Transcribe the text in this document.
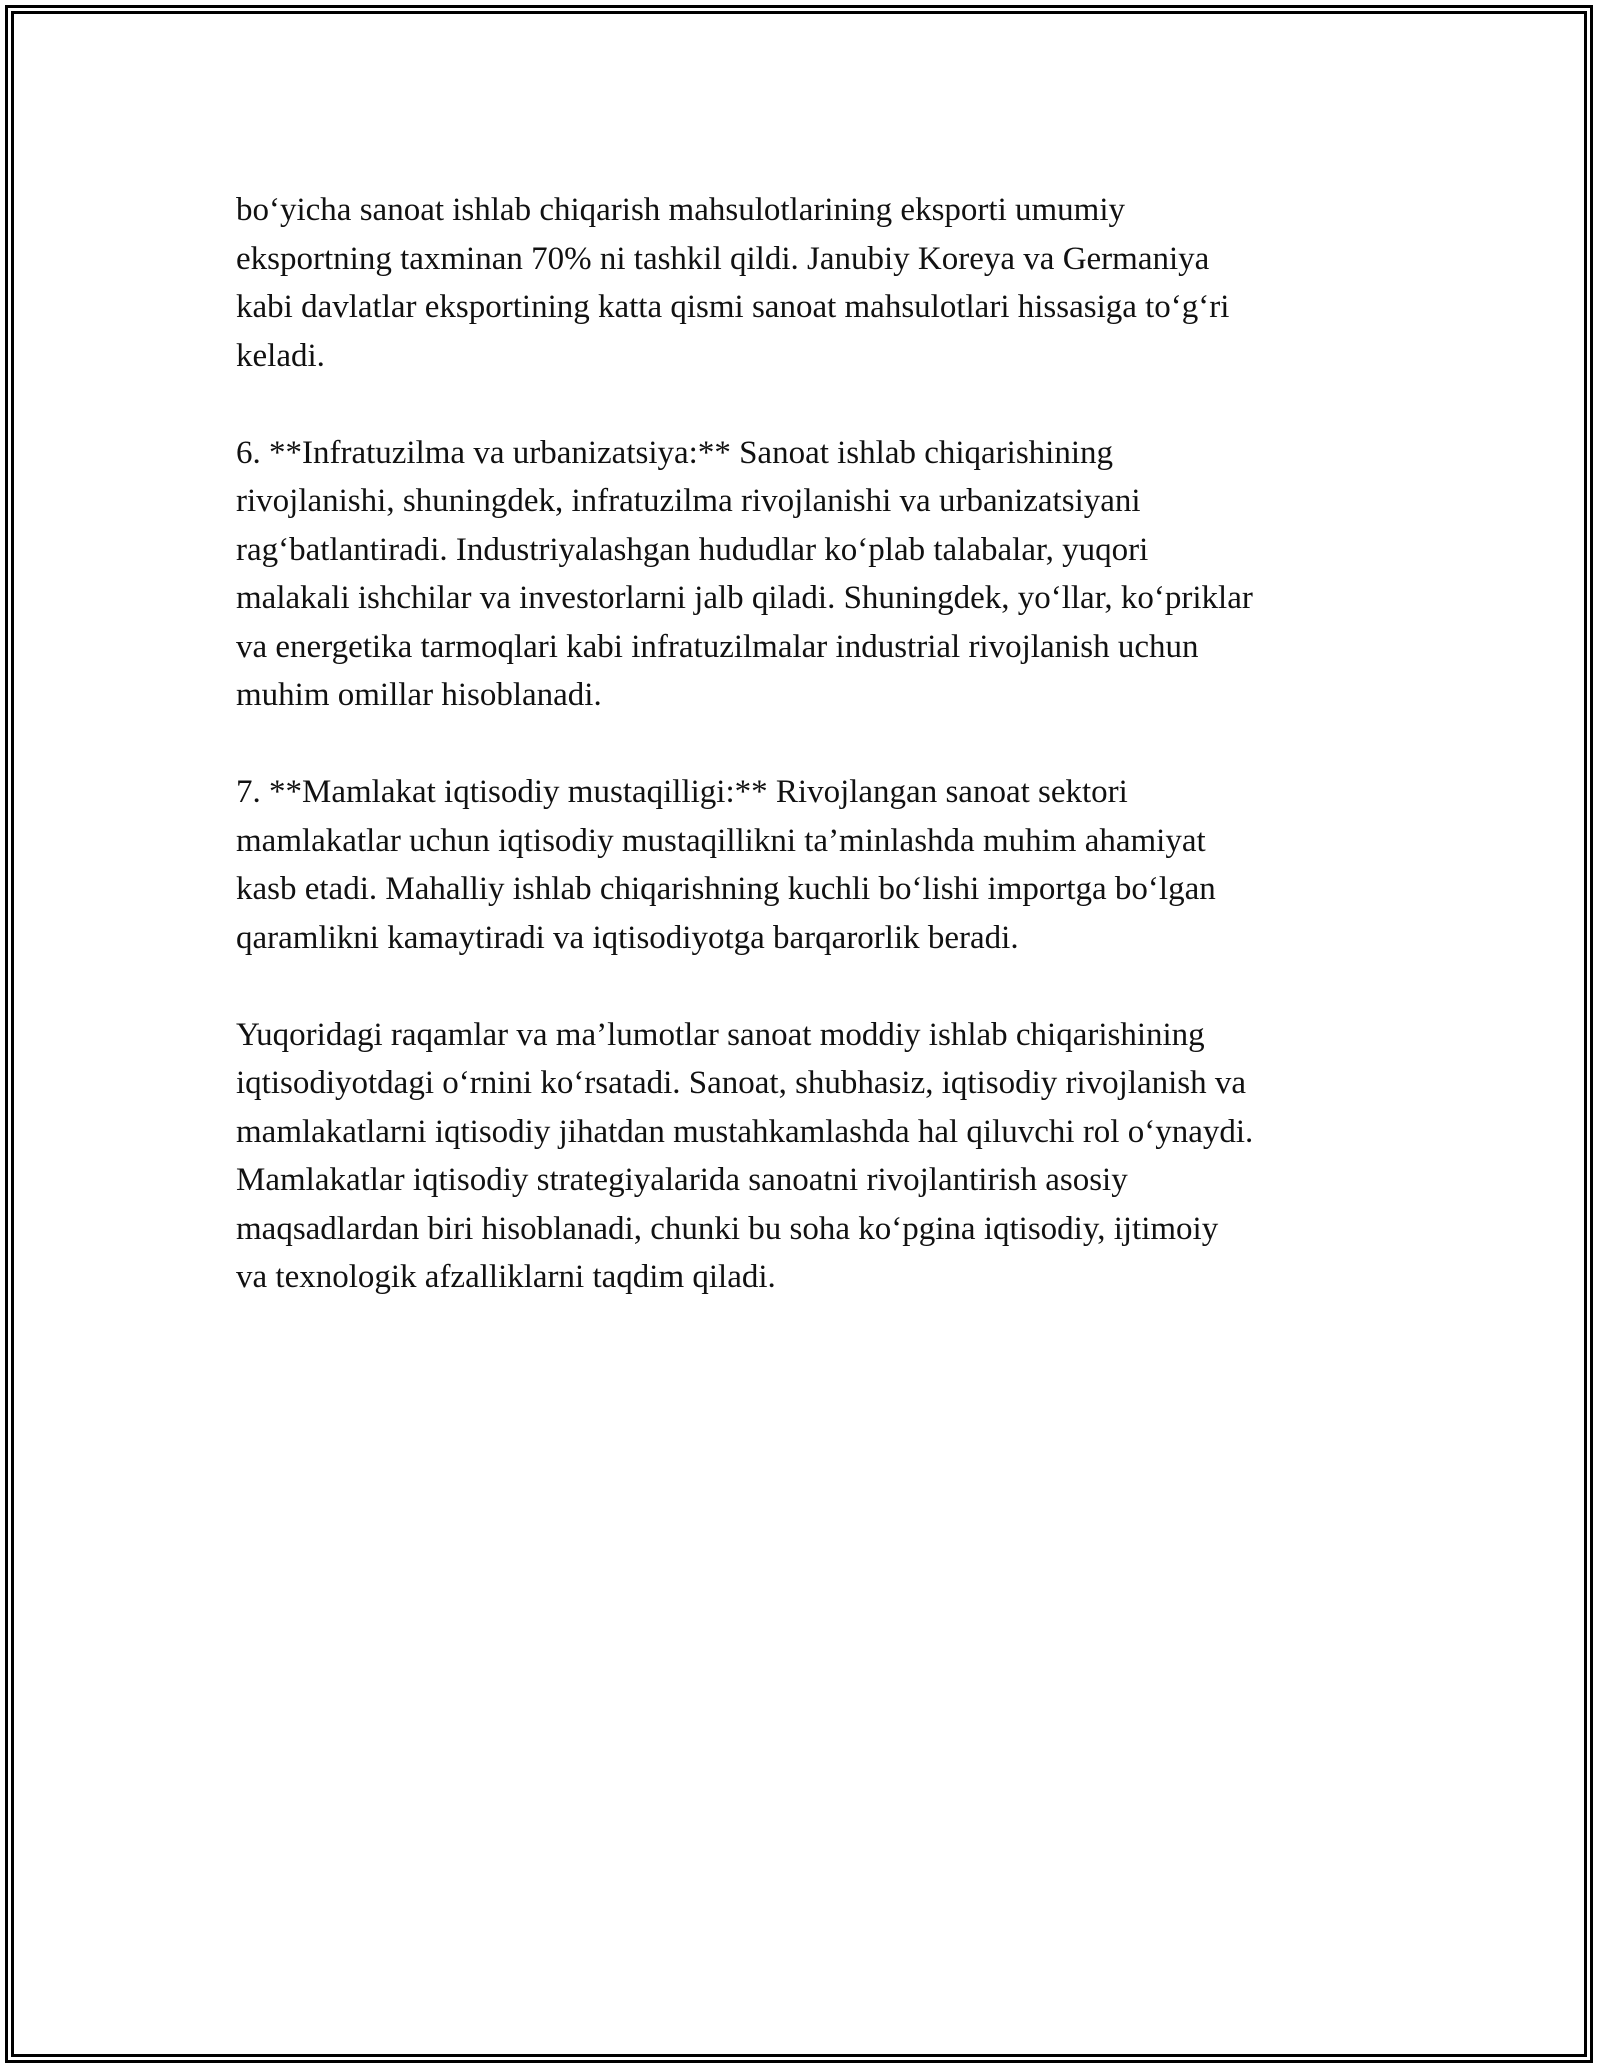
bo‘yicha sanoat ishlab chiqarish mahsulotlarining eksporti umumiy
eksportning taxminan 70% ni tashkil qildi. Janubiy Koreya va Germaniya
kabi davlatlar eksportining katta qismi sanoat mahsulotlari hissasiga to‘g‘ri
keladi.

6. **Infratuzilma va urbanizatsiya:** Sanoat ishlab chiqarishining
rivojlanishi, shuningdek, infratuzilma rivojlanishi va urbanizatsiyani
rag‘batlantiradi. Industriyalashgan hududlar ko‘plab talabalar, yuqori
malakali ishchilar va investorlarni jalb qiladi. Shuningdek, yo‘llar, ko‘priklar
va energetika tarmoqlari kabi infratuzilmalar industrial rivojlanish uchun
muhim omillar hisoblanadi.

7. **Mamlakat iqtisodiy mustaqilligi:** Rivojlangan sanoat sektori
mamlakatlar uchun iqtisodiy mustaqillikni ta’minlashda muhim ahamiyat
kasb etadi. Mahalliy ishlab chiqarishning kuchli bo‘lishi importga bo‘lgan
qaramlikni kamaytiradi va iqtisodiyotga barqarorlik beradi.

Yuqoridagi raqamlar va ma’lumotlar sanoat moddiy ishlab chiqarishining
iqtisodiyotdagi o‘rnini ko‘rsatadi. Sanoat, shubhasiz, iqtisodiy rivojlanish va
mamlakatlarni iqtisodiy jihatdan mustahkamlashda hal qiluvchi rol o‘ynaydi.
Mamlakatlar iqtisodiy strategiyalarida sanoatni rivojlantirish asosiy
maqsadlardan biri hisoblanadi, chunki bu soha ko‘pgina iqtisodiy, ijtimoiy
va texnologik afzalliklarni taqdim qiladi.
